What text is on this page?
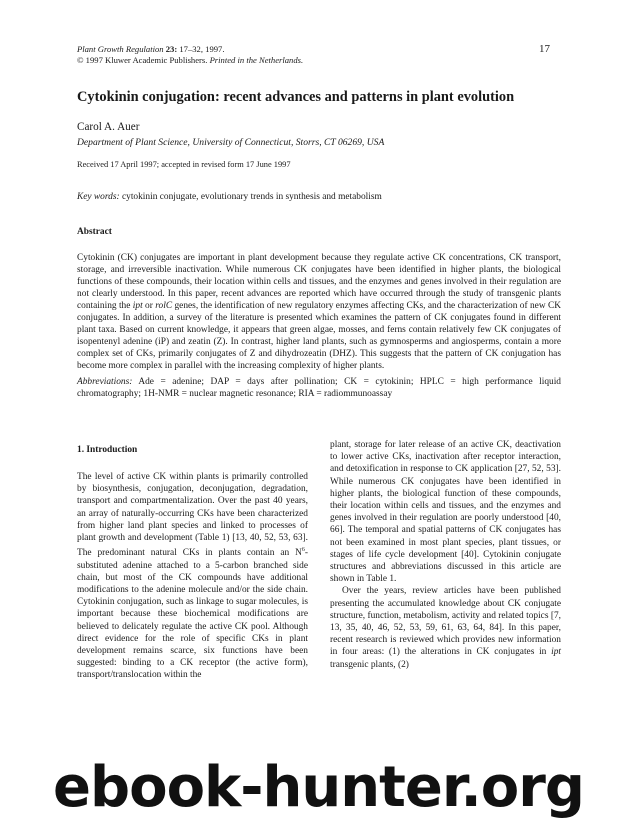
Plant Growth Regulation 23: 17–32, 1997.
© 1997 Kluwer Academic Publishers. Printed in the Netherlands.
17
Cytokinin conjugation: recent advances and patterns in plant evolution
Carol A. Auer
Department of Plant Science, University of Connecticut, Storrs, CT 06269, USA
Received 17 April 1997; accepted in revised form 17 June 1997
Key words: cytokinin conjugate, evolutionary trends in synthesis and metabolism
Abstract
Cytokinin (CK) conjugates are important in plant development because they regulate active CK concentrations, CK transport, storage, and irreversible inactivation. While numerous CK conjugates have been identified in higher plants, the biological functions of these compounds, their location within cells and tissues, and the enzymes and genes involved in their regulation are not clearly understood. In this paper, recent advances are reported which have occurred through the study of transgenic plants containing the ipt or rolC genes, the identification of new regulatory enzymes affecting CKs, and the characterization of new CK conjugates. In addition, a survey of the literature is presented which examines the pattern of CK conjugates found in different plant taxa. Based on current knowledge, it appears that green algae, mosses, and ferns contain relatively few CK conjugates of isopentenyl adenine (iP) and zeatin (Z). In contrast, higher land plants, such as gymnosperms and angiosperms, contain a more complex set of CKs, primarily conjugates of Z and dihydrozeatin (DHZ). This suggests that the pattern of CK conjugation has become more complex in parallel with the increasing complexity of higher plants.
Abbreviations: Ade = adenine; DAP = days after pollination; CK = cytokinin; HPLC = high performance liquid chromatography; 1H-NMR = nuclear magnetic resonance; RIA = radiommunoassay
1. Introduction

The level of active CK within plants is primarily controlled by biosynthesis, conjugation, deconjugation, degradation, transport and compartmentalization. Over the past 40 years, an array of naturally-occurring CKs have been characterized from higher land plant species and linked to processes of plant growth and development (Table 1) [13, 40, 52, 53, 63]. The predominant natural CKs in plants contain an $N^6$-substituted adenine attached to a 5-carbon branched side chain, but most of the CK compounds have additional modifications to the adenine molecule and/or the side chain. Cytokinin conjugation, such as linkage to sugar molecules, is important because these biochemical modifications are believed to delicately regulate the active CK pool. Although direct evidence for the role of specific CKs in plant development remains scarce, six functions have been suggested: binding to a CK receptor (the active form), transport/translocation within the

plant, storage for later release of an active CK, deactivation to lower active CKs, inactivation after receptor interaction, and detoxification in response to CK application [27, 52, 53]. While numerous CK conjugates have been identified in higher plants, the biological function of these compounds, their location within cells and tissues, and the enzymes and genes involved in their regulation are poorly understood [40, 66]. The temporal and spatial patterns of CK conjugates has not been examined in most plant species, plant tissues, or stages of life cycle development [40]. Cytokinin conjugate structures and abbreviations discussed in this article are shown in Table 1.

Over the years, review articles have been published presenting the accumulated knowledge about CK conjugate structure, function, metabolism, activity and related topics [7, 13, 35, 40, 46, 52, 53, 59, 61, 63, 64, 84]. In this paper, recent research is reviewed which provides new information in four areas: (1) the alterations in CK conjugates in ipt transgenic plants, (2)

ebook-hunter.org
